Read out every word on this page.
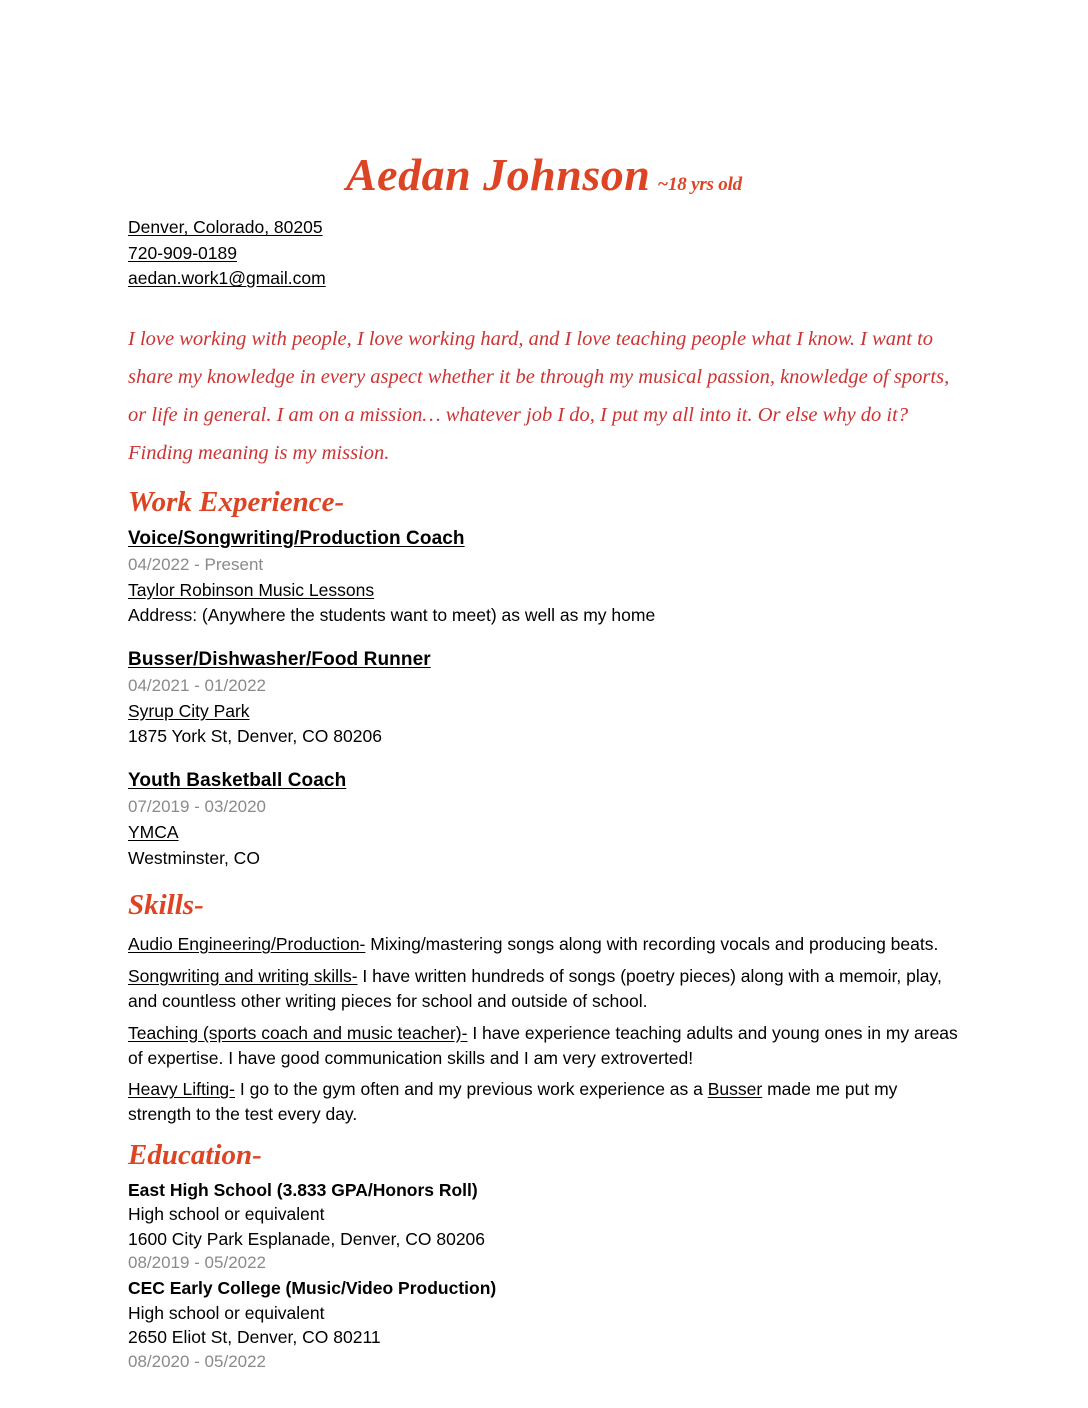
Aedan Johnson ~18 yrs old
Denver, Colorado, 80205
720-909-0189
aedan.work1@gmail.com
I love working with people, I love working hard, and I love teaching people what I know. I want to share my knowledge in every aspect whether it be through my musical passion, knowledge of sports, or life in general. I am on a mission… whatever job I do, I put my all into it. Or else why do it? Finding meaning is my mission.
Work Experience-
Voice/Songwriting/Production Coach
04/2022 - Present
Taylor Robinson Music Lessons
Address: (Anywhere the students want to meet) as well as my home
Busser/Dishwasher/Food Runner
04/2021 - 01/2022
Syrup City Park
1875 York St, Denver, CO 80206
Youth Basketball Coach
07/2019 - 03/2020
YMCA
Westminster, CO
Skills-
Audio Engineering/Production- Mixing/mastering songs along with recording vocals and producing beats.
Songwriting and writing skills- I have written hundreds of songs (poetry pieces) along with a memoir, play, and countless other writing pieces for school and outside of school.
Teaching (sports coach and music teacher)- I have experience teaching adults and young ones in my areas of expertise. I have good communication skills and I am very extroverted!
Heavy Lifting- I go to the gym often and my previous work experience as a Busser made me put my strength to the test every day.
Education-
East High School (3.833 GPA/Honors Roll)
High school or equivalent
1600 City Park Esplanade, Denver, CO 80206
08/2019 - 05/2022
CEC Early College (Music/Video Production)
High school or equivalent
2650 Eliot St, Denver, CO 80211
08/2020 - 05/2022
